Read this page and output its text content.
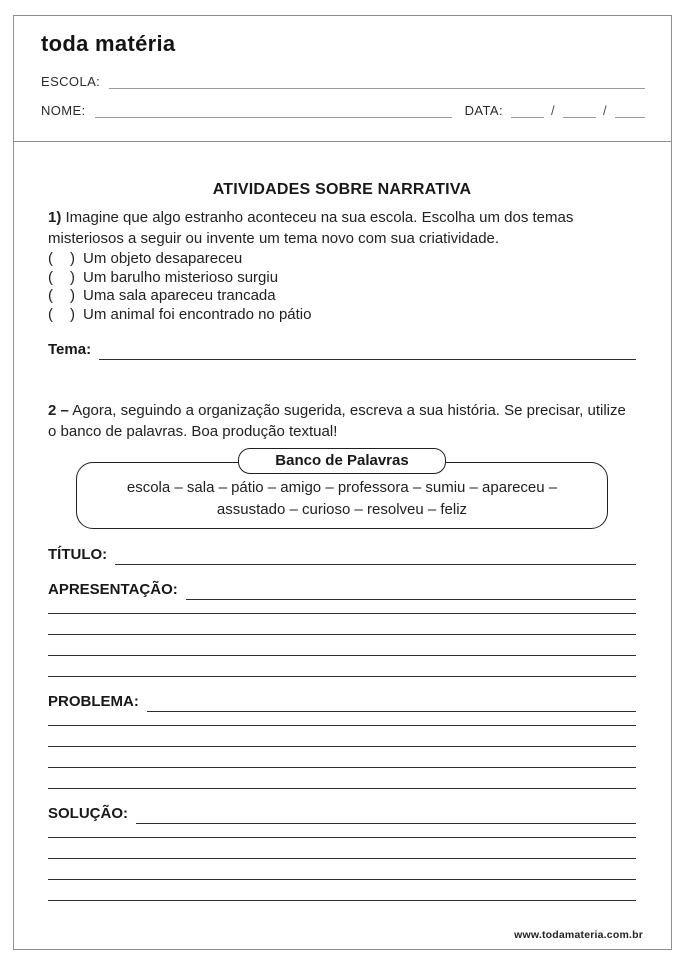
toda matéria
ESCOLA:
NOME:	DATA:	/	/
ATIVIDADES SOBRE NARRATIVA

1) Imagine que algo estranho aconteceu na sua escola. Escolha um dos temas misteriosos a seguir ou invente um tema novo com sua criatividade.

( ) Um objeto desapareceu
( ) Um barulho misterioso surgiu
( ) Uma sala apareceu trancada
( ) Um animal foi encontrado no pátio
Tema:

2 – Agora, seguindo a organização sugerida, escreva a sua história. Se precisar, utilize o banco de palavras. Boa produção textual!

Banco de Palavras
escola – sala – pátio – amigo – professora – sumiu – apareceu –
assustado – curioso – resolveu – feliz
TÍTULO:
APRESENTAÇÃO:
PROBLEMA:
SOLUÇÃO:
www.todamateria.com.br
